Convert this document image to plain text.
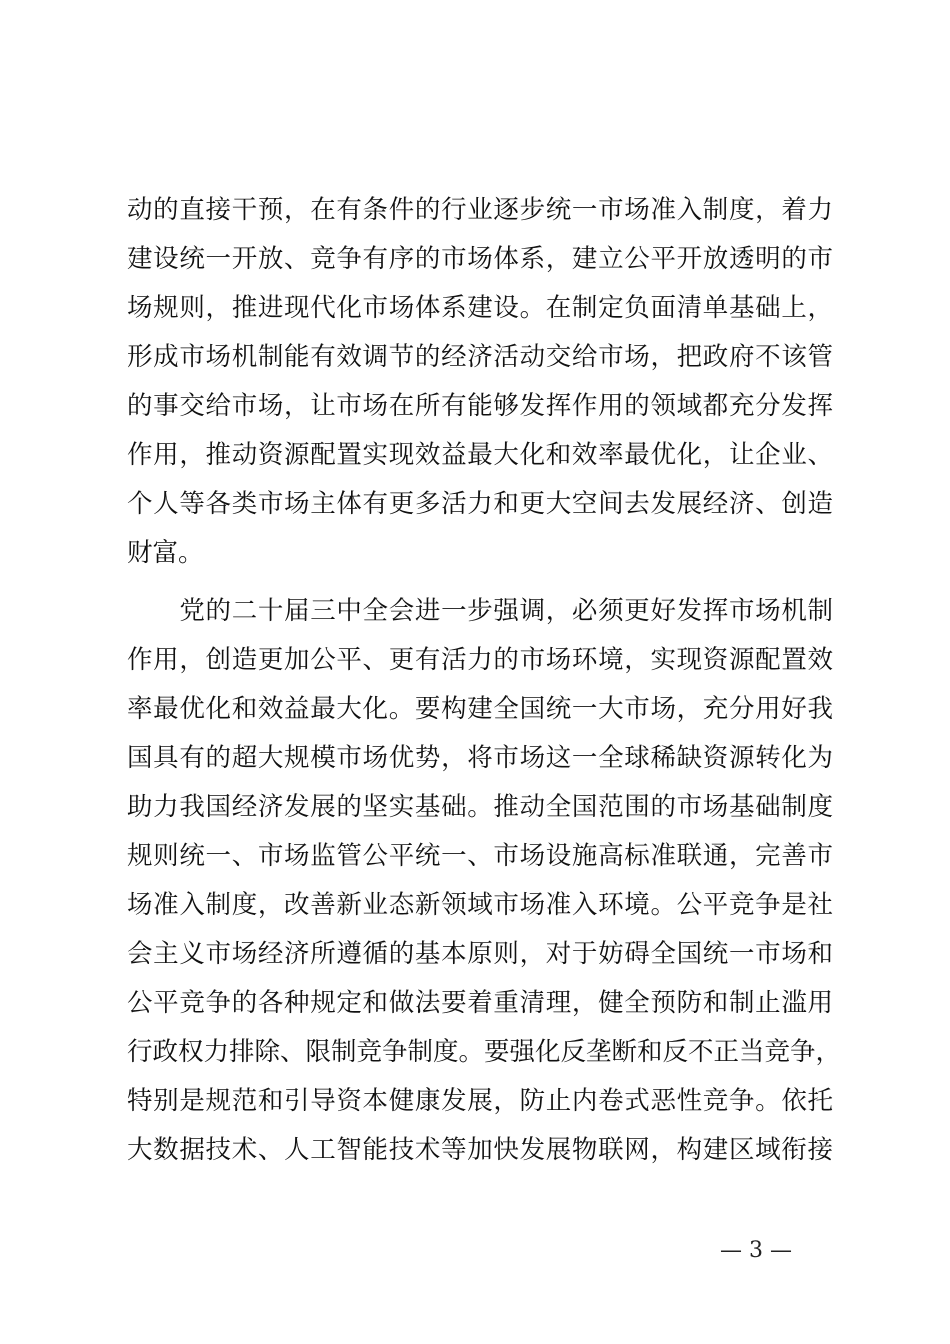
动的直接干预，在有条件的行业逐步统一市场准入制度，着力
建设统一开放、竞争有序的市场体系，建立公平开放透明的市
场规则，推进现代化市场体系建设。在制定负面清单基础上，
形成市场机制能有效调节的经济活动交给市场，把政府不该管
的事交给市场，让市场在所有能够发挥作用的领域都充分发挥
作用，推动资源配置实现效益最大化和效率最优化，让企业、
个人等各类市场主体有更多活力和更大空间去发展经济、创造
财富。
　　党的二十届三中全会进一步强调，必须更好发挥市场机制
作用，创造更加公平、更有活力的市场环境，实现资源配置效
率最优化和效益最大化。要构建全国统一大市场，充分用好我
国具有的超大规模市场优势，将市场这一全球稀缺资源转化为
助力我国经济发展的坚实基础。推动全国范围的市场基础制度
规则统一、市场监管公平统一、市场设施高标准联通，完善市
场准入制度，改善新业态新领域市场准入环境。公平竞争是社
会主义市场经济所遵循的基本原则，对于妨碍全国统一市场和
公平竞争的各种规定和做法要着重清理，健全预防和制止滥用
行政权力排除、限制竞争制度。要强化反垄断和反不正当竞争，
特别是规范和引导资本健康发展，防止内卷式恶性竞争。依托
大数据技术、人工智能技术等加快发展物联网，构建区域衔接
— 3 —
